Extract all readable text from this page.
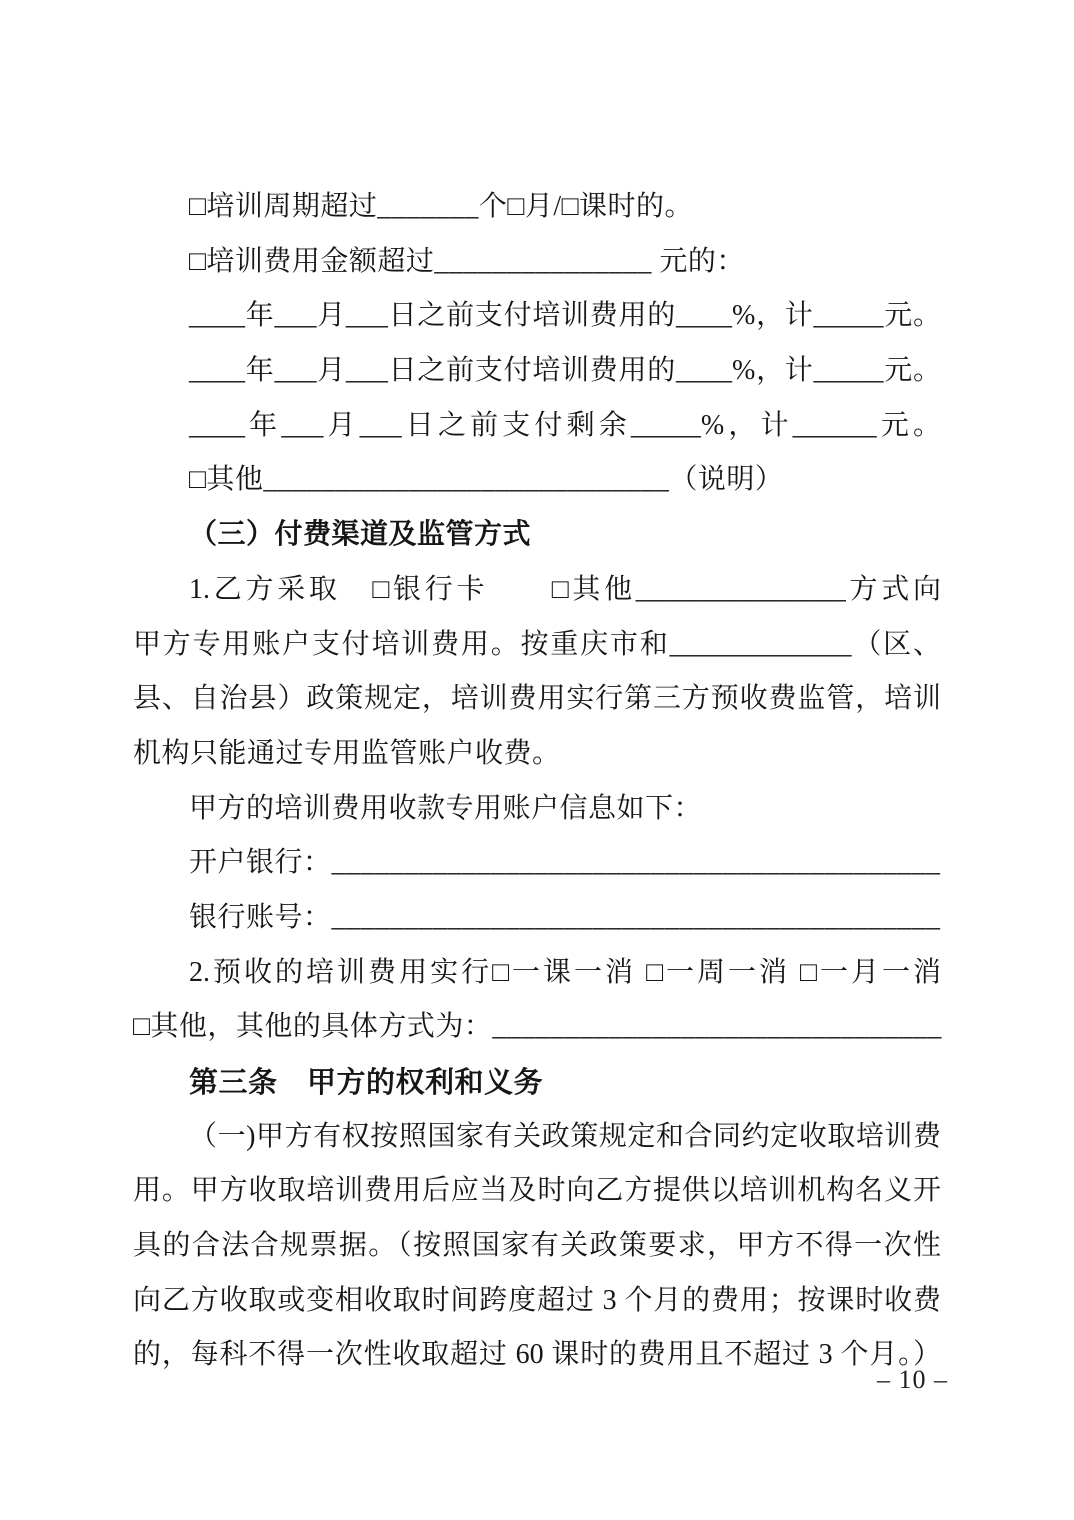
□培训周期超过_______个□月/□课时的。
□培训费用金额超过_______________ 元的：
____年___月___日之前支付培训费用的____%，计_____元。
____年___月___日之前支付培训费用的____%，计_____元。
____年___月___日之前支付剩余_____%，计______元。
□其他____________________________（说明）
（三）付费渠道及监管方式
1.乙方采取　□银行卡　　□其他_______________方式向
甲方专用账户支付培训费用。按重庆市和_____________（区、
县、自治县）政策规定，培训费用实行第三方预收费监管，培训
机构只能通过专用监管账户收费。
甲方的培训费用收款专用账户信息如下：
开户银行：__________________________________________
银行账号：__________________________________________
2.预收的培训费用实行□一课一消 □一周一消 □一月一消
□其他，其他的具体方式为：_______________________________
第三条　甲方的权利和义务
（一)甲方有权按照国家有关政策规定和合同约定收取培训费
用。甲方收取培训费用后应当及时向乙方提供以培训机构名义开
具的合法合规票据。（按照国家有关政策要求，甲方不得一次性
向乙方收取或变相收取时间跨度超过 3 个月的费用；按课时收费
的，每科不得一次性收取超过 60 课时的费用且不超过 3 个月。）
– 10 –
